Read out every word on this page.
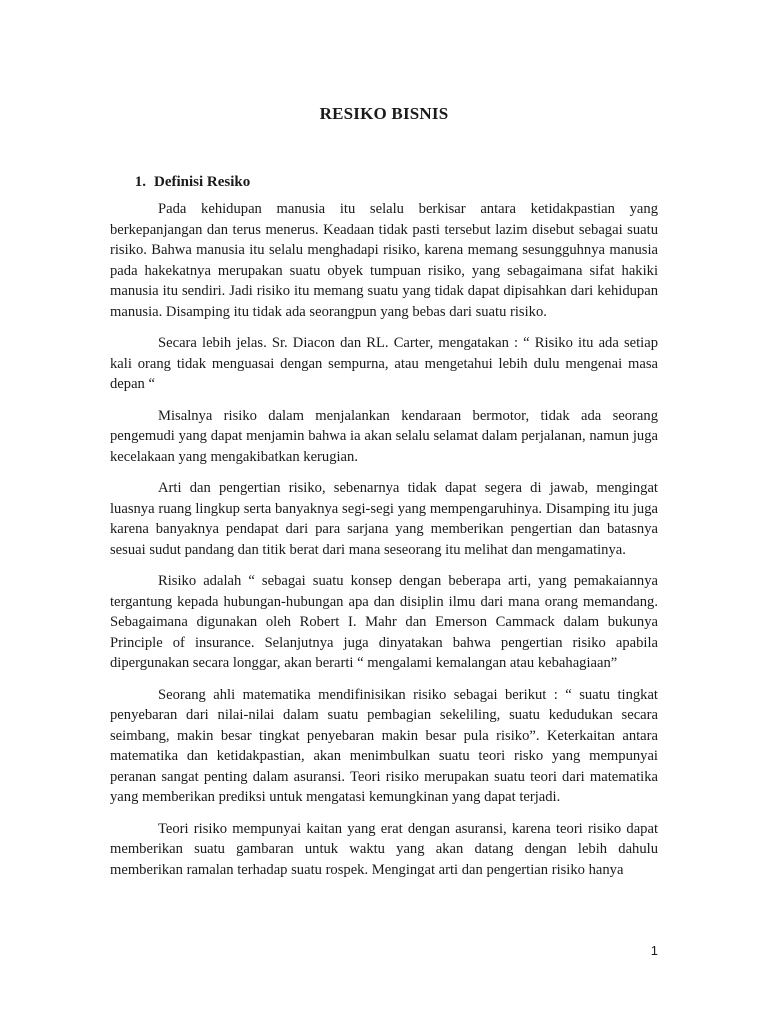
RESIKO BISNIS
1. Definisi Resiko

Pada kehidupan manusia itu selalu berkisar antara ketidakpastian yang berkepanjangan dan terus menerus. Keadaan tidak pasti tersebut lazim disebut sebagai suatu risiko. Bahwa manusia itu selalu menghadapi risiko, karena memang sesungguhnya manusia pada hakekatnya merupakan suatu obyek tumpuan risiko, yang sebagaimana sifat hakiki manusia itu sendiri. Jadi risiko itu memang suatu yang tidak dapat dipisahkan dari kehidupan manusia. Disamping itu tidak ada seorangpun yang bebas dari suatu risiko.

Secara lebih jelas. Sr. Diacon dan RL. Carter, mengatakan : “ Risiko itu ada setiap kali orang tidak menguasai dengan sempurna, atau mengetahui lebih dulu mengenai masa depan “

Misalnya risiko dalam menjalankan kendaraan bermotor, tidak ada seorang pengemudi yang dapat menjamin bahwa ia akan selalu selamat dalam perjalanan, namun juga kecelakaan yang mengakibatkan kerugian.

Arti dan pengertian risiko, sebenarnya tidak dapat segera di jawab, mengingat luasnya ruang lingkup serta banyaknya segi-segi yang mempengaruhinya. Disamping itu juga karena banyaknya pendapat dari para sarjana yang memberikan pengertian dan batasnya sesuai sudut pandang dan titik berat dari mana seseorang itu melihat dan mengamatinya.

Risiko adalah “ sebagai suatu konsep dengan beberapa arti, yang pemakaiannya tergantung kepada hubungan-hubungan apa dan disiplin ilmu dari mana orang memandang. Sebagaimana digunakan oleh Robert I. Mahr dan Emerson Cammack dalam bukunya Principle of insurance. Selanjutnya juga dinyatakan bahwa pengertian risiko apabila dipergunakan secara longgar, akan berarti “ mengalami kemalangan atau kebahagiaan”

Seorang ahli matematika mendifinisikan risiko sebagai berikut : “ suatu tingkat penyebaran dari nilai-nilai dalam suatu pembagian sekeliling, suatu kedudukan secara seimbang, makin besar tingkat penyebaran makin besar pula risiko”. Keterkaitan antara matematika dan ketidakpastian, akan menimbulkan suatu teori risko yang mempunyai peranan sangat penting dalam asuransi. Teori risiko merupakan suatu teori dari matematika yang memberikan prediksi untuk mengatasi kemungkinan yang dapat terjadi.

Teori risiko mempunyai kaitan yang erat dengan asuransi, karena teori risiko dapat memberikan suatu gambaran untuk waktu yang akan datang dengan lebih dahulu memberikan ramalan terhadap suatu rospek. Mengingat arti dan pengertian risiko hanya

1
